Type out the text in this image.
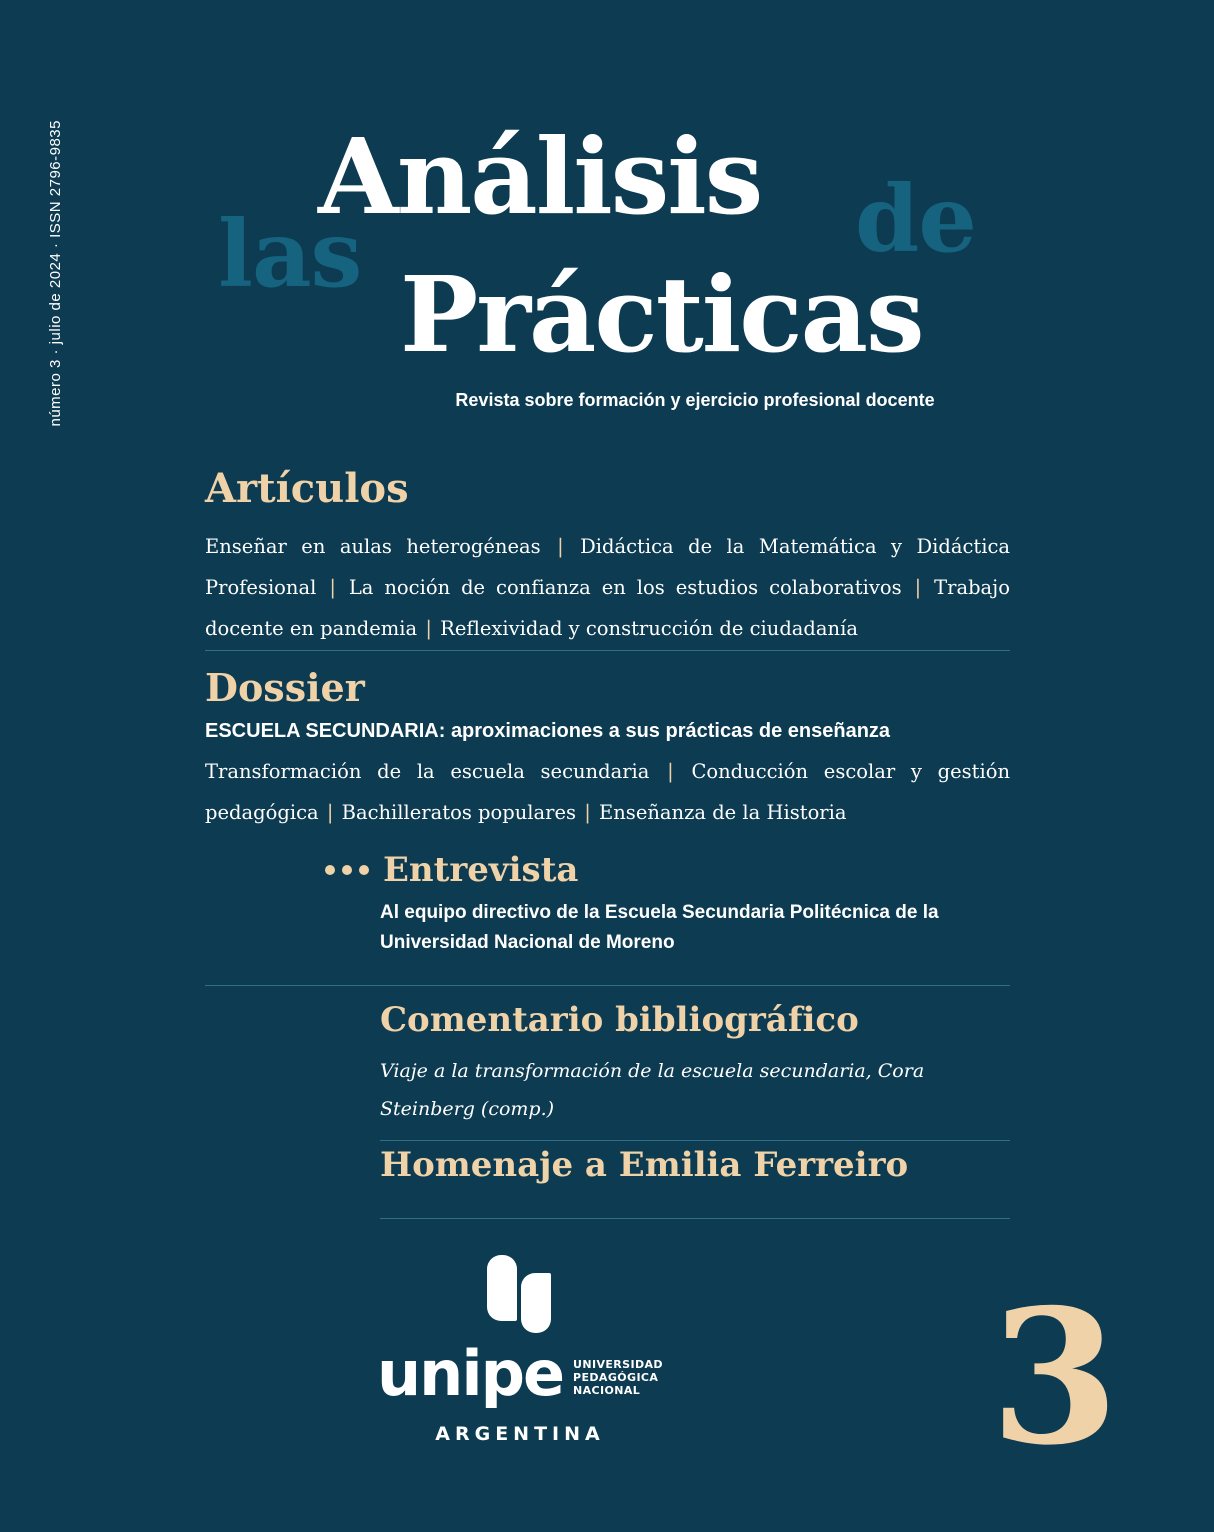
número 3 · julio de 2024 · ISSN 2796-9835 las
Análisis de
Prácticas
Revista sobre formación y ejercicio profesional docente
Artículos
Enseñar en aulas heterogéneas | Didáctica de la Matemática y Didáctica Profesional | La noción de confianza en los estudios colaborativos | Trabajo docente en pandemia | Reflexividad y construcción de ciudadanía
Dossier
ESCUELA SECUNDARIA: aproximaciones a sus prácticas de enseñanza
Transformación de la escuela secundaria | Conducción escolar y gestión pedagógica | Bachilleratos populares | Enseñanza de la Historia
Entrevista
Al equipo directivo de la Escuela Secundaria Politécnica de la Universidad Nacional de Moreno
Comentario bibliográfico
Viaje a la transformación de la escuela secundaria, Cora Steinberg (comp.)
Homenaje a Emilia Ferreiro
unipe UNIVERSIDAD
PEDAGÓGICA
NACIONAL
ARGENTINA	3
